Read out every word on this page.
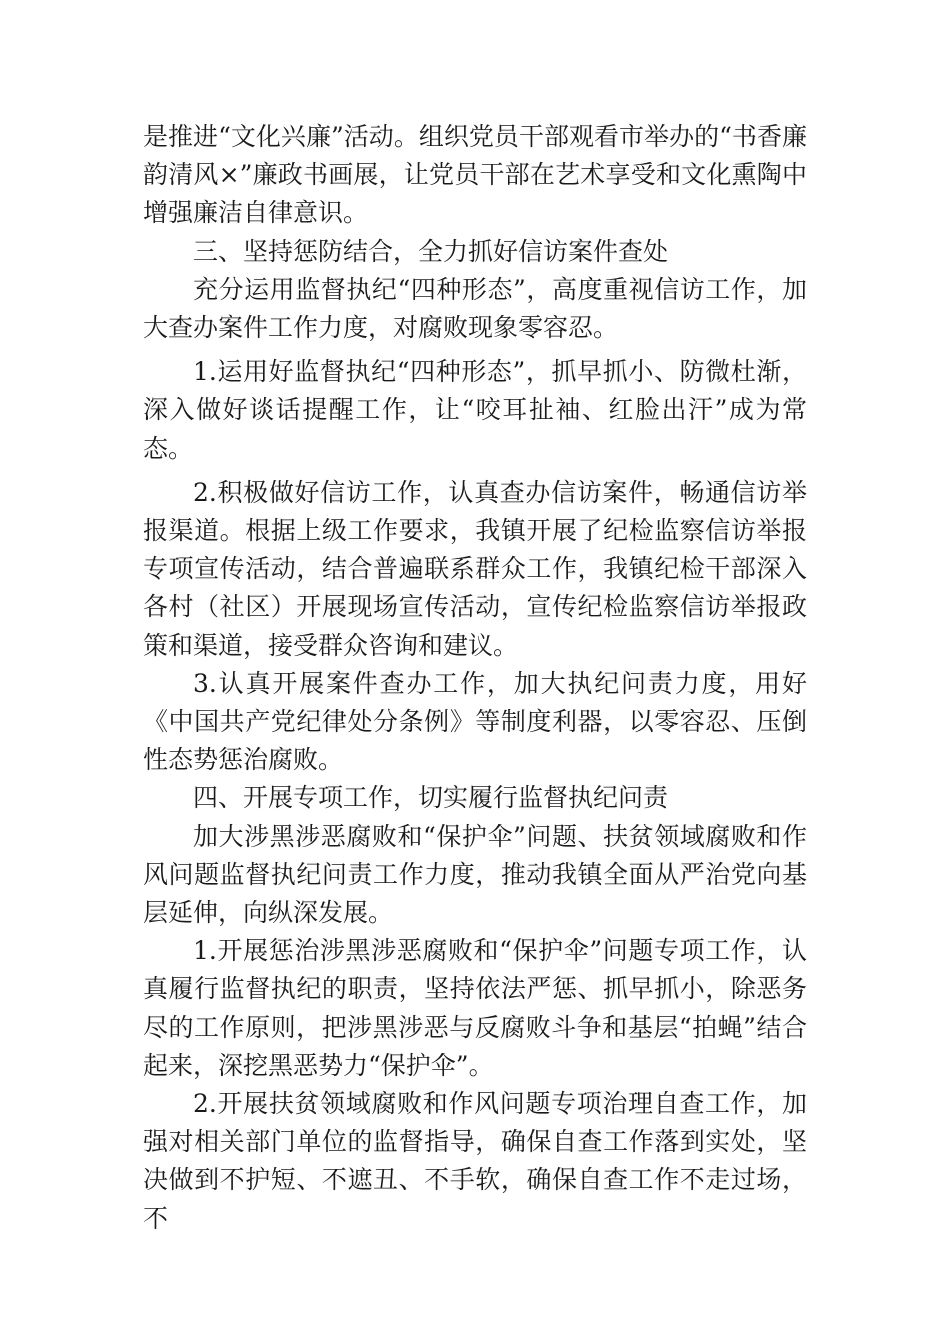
是推进“文化兴廉”活动。组织党员干部观看市举办的“书香廉韵清风×”廉政书画展，让党员干部在艺术享受和文化熏陶中增强廉洁自律意识。

三、坚持惩防结合，全力抓好信访案件查处

充分运用监督执纪“四种形态”，高度重视信访工作，加大查办案件工作力度，对腐败现象零容忍。

1.运用好监督执纪“四种形态”，抓早抓小、防微杜渐，深入做好谈话提醒工作，让“咬耳扯袖、红脸出汗”成为常态。

2.积极做好信访工作，认真查办信访案件，畅通信访举报渠道。根据上级工作要求，我镇开展了纪检监察信访举报专项宣传活动，结合普遍联系群众工作，我镇纪检干部深入各村（社区）开展现场宣传活动，宣传纪检监察信访举报政策和渠道，接受群众咨询和建议。

3.认真开展案件查办工作，加大执纪问责力度，用好《中国共产党纪律处分条例》等制度利器，以零容忍、压倒性态势惩治腐败。

四、开展专项工作，切实履行监督执纪问责

加大涉黑涉恶腐败和“保护伞”问题、扶贫领域腐败和作风问题监督执纪问责工作力度，推动我镇全面从严治党向基层延伸，向纵深发展。

1.开展惩治涉黑涉恶腐败和“保护伞”问题专项工作，认真履行监督执纪的职责，坚持依法严惩、抓早抓小，除恶务尽的工作原则，把涉黑涉恶与反腐败斗争和基层“拍蝇”结合起来，深挖黑恶势力“保护伞”。

2.开展扶贫领域腐败和作风问题专项治理自查工作，加强对相关部门单位的监督指导，确保自查工作落到实处，坚决做到不护短、不遮丑、不手软，确保自查工作不走过场，不
